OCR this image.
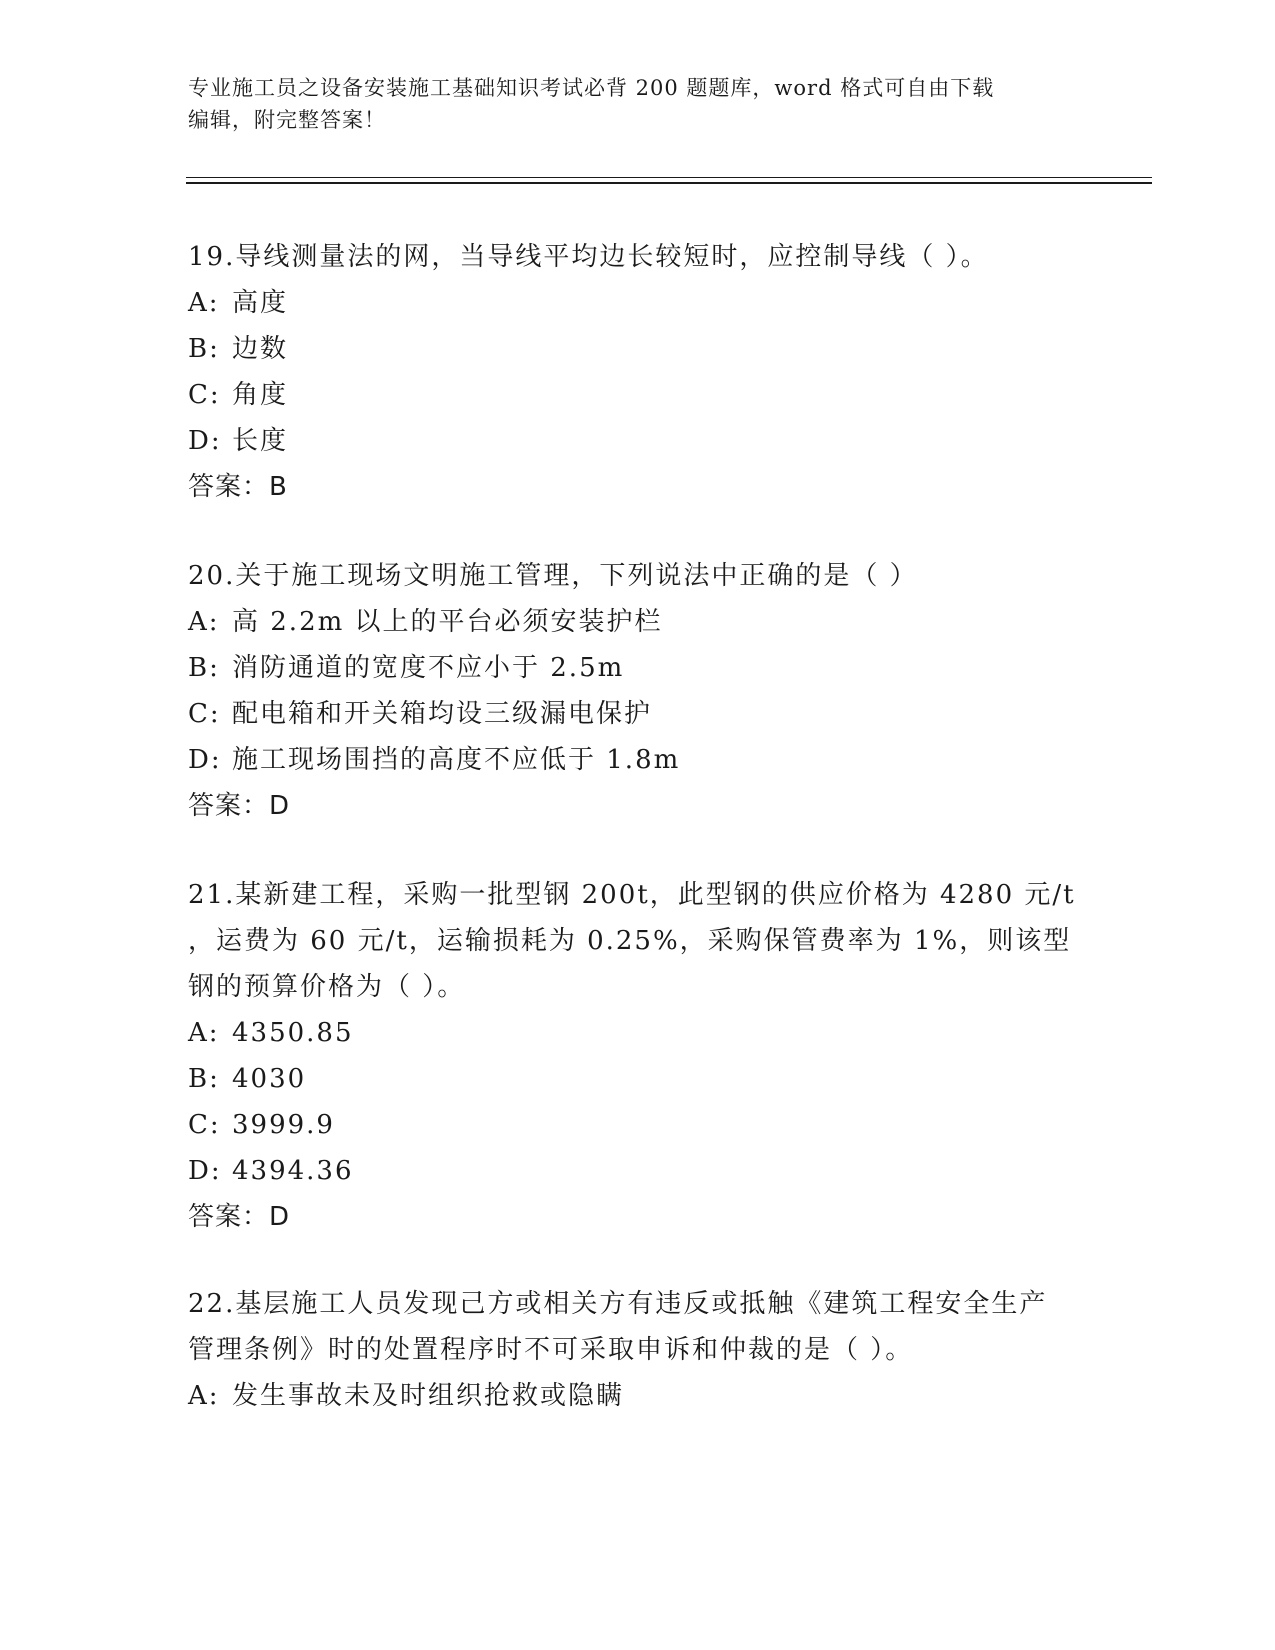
专业施工员之设备安装施工基础知识考试必背 200 题题库，word 格式可自由下载
编辑，附完整答案！
19.导线测量法的网，当导线平均边长较短时，应控制导线（ ）。
A: 高度
B: 边数
C: 角度
D: 长度
答案：B
20.关于施工现场文明施工管理，下列说法中正确的是（ ）
A: 高 2.2m 以上的平台必须安装护栏
B: 消防通道的宽度不应小于 2.5m
C: 配电箱和开关箱均设三级漏电保护
D: 施工现场围挡的高度不应低于 1.8m
答案：D
21.某新建工程，采购一批型钢 200t，此型钢的供应价格为 4280 元/t
，运费为 60 元/t，运输损耗为 0.25%，采购保管费率为 1%，则该型
钢的预算价格为（ ）。
A: 4350.85
B: 4030
C: 3999.9
D: 4394.36
答案：D
22.基层施工人员发现己方或相关方有违反或抵触《建筑工程安全生产
管理条例》时的处置程序时不可采取申诉和仲裁的是（ ）。
A: 发生事故未及时组织抢救或隐瞒
